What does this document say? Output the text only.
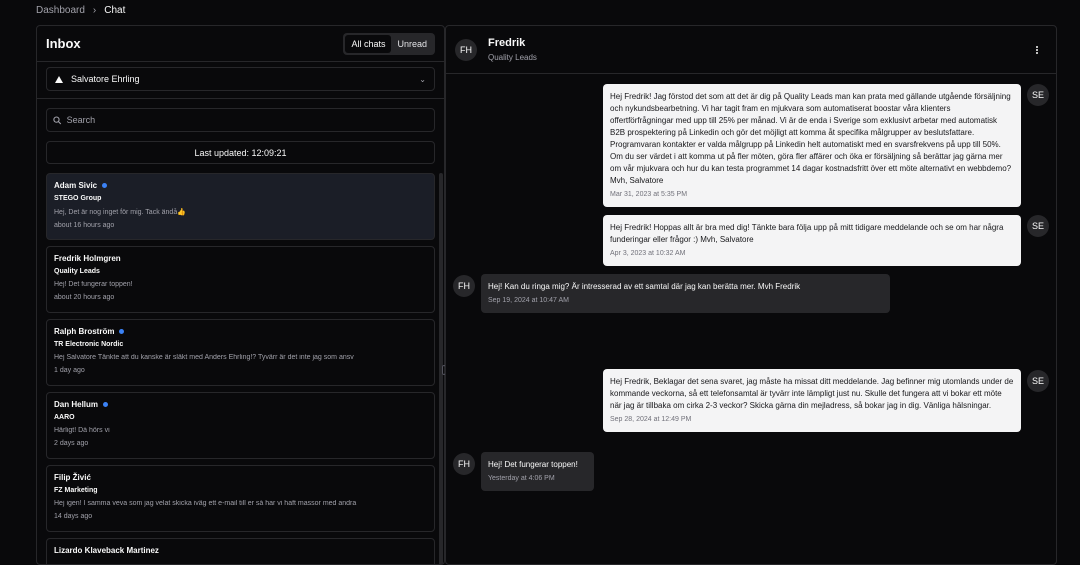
Dashboard › Chat
Inbox	All chats	Unread
Salvatore Ehrling	⌄
Search
Last updated: 12:09:21
Adam Sivic
STEGO Group
Hej, Det är nog inget för mig. Tack ändå👍
about 16 hours ago
Fredrik Holmgren
Quality Leads
Hej! Det fungerar toppen!
about 20 hours ago
Ralph Broström
TR Electronic Nordic
Hej Salvatore Tänkte att du kanske är släkt med Anders Ehrling!? Tyvärr är det inte jag som ansv
1 day ago
Dan Hellum
AARO
Härligt! Då hörs vi
2 days ago
Filip Živić
FZ Marketing
Hej igen! I samma veva som jag velat skicka iväg ett e-mail till er så har vi haft massor med andra
14 days ago
Lizardo Klaveback Martinez
FH
Fredrik
Quality Leads
Hej Fredrik! Jag förstod det som att det är dig på Quality Leads man kan prata med gällande utgående försäljning och nykundsbearbetning. Vi har tagit fram en mjukvara som automatiserat boostar våra klienters offertförfrågningar med upp till 25% per månad. Vi är de enda i Sverige som exklusivt arbetar med automatisk B2B prospektering på Linkedin och gör det möjligt att komma åt specifika målgrupper av beslutsfattare. Programvaran kontakter er valda målgrupp på Linkedin helt automatiskt med en svarsfrekvens på upp till 50%. Om du ser värdet i att komma ut på fler möten, göra fler affärer och öka er försäljning så berättar jag gärna mer om vår mjukvara och hur du kan testa programmet 14 dagar kostnadsfritt över ett möte alternativt en webbdemo? Mvh, Salvatore
Mar 31, 2023 at 5:35 PM
SE
Hej Fredrik! Hoppas allt är bra med dig! Tänkte bara följa upp på mitt tidigare meddelande och se om har några funderingar eller frågor :) Mvh, Salvatore
Apr 3, 2023 at 10:32 AM
SE
Hej! Kan du ringa mig? Är intresserad av ett samtal där jag kan berätta mer. Mvh Fredrik
Sep 19, 2024 at 10:47 AM
FH
Hej Fredrik, Beklagar det sena svaret, jag måste ha missat ditt meddelande. Jag befinner mig utomlands under de kommande veckorna, så ett telefonsamtal är tyvärr inte lämpligt just nu. Skulle det fungera att vi bokar ett möte när jag är tillbaka om cirka 2-3 veckor? Skicka gärna din mejladress, så bokar jag in dig. Vänliga hälsningar.
Sep 28, 2024 at 12:49 PM
SE
Hej! Det fungerar toppen!
Yesterday at 4:06 PM
FH
